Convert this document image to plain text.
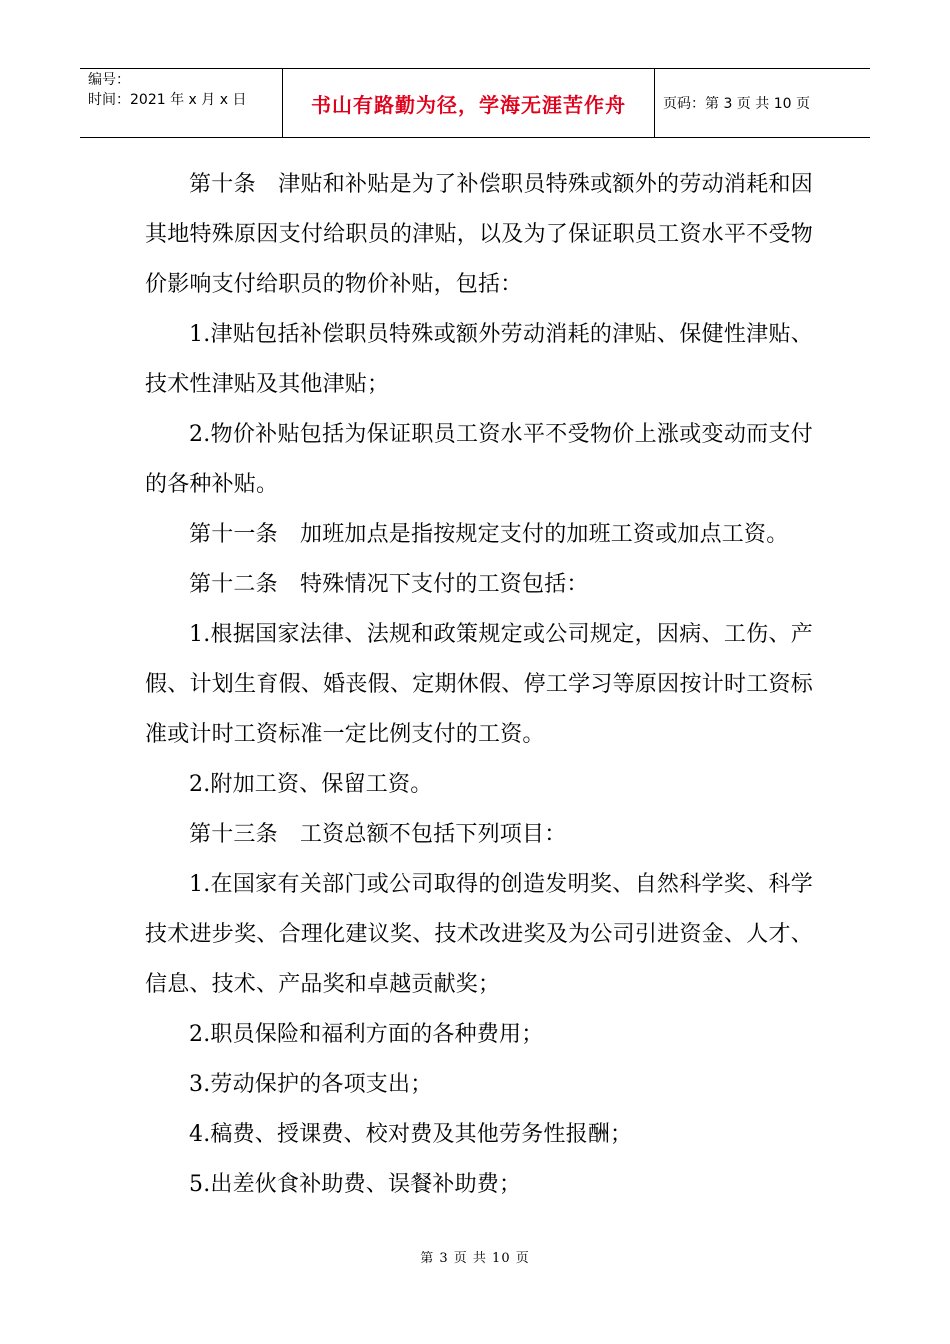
编号：
时间：2021 年 x 月 x 日	书山有路勤为径，学海无涯苦作舟	页码：第 3 页 共 10 页

第十条　津贴和补贴是为了补偿职员特殊或额外的劳动消耗和因其地特殊原因支付给职员的津贴，以及为了保证职员工资水平不受物价影响支付给职员的物价补贴，包括：

1.津贴包括补偿职员特殊或额外劳动消耗的津贴、保健性津贴、技术性津贴及其他津贴；

2.物价补贴包括为保证职员工资水平不受物价上涨或变动而支付的各种补贴。

第十一条　加班加点是指按规定支付的加班工资或加点工资。

第十二条　特殊情况下支付的工资包括：

1.根据国家法律、法规和政策规定或公司规定，因病、工伤、产假、计划生育假、婚丧假、定期休假、停工学习等原因按计时工资标准或计时工资标准一定比例支付的工资。

2.附加工资、保留工资。

第十三条　工资总额不包括下列项目：

1.在国家有关部门或公司取得的创造发明奖、自然科学奖、科学技术进步奖、合理化建议奖、技术改进奖及为公司引进资金、人才、信息、技术、产品奖和卓越贡献奖；

2.职员保险和福利方面的各种费用；

3.劳动保护的各项支出；

4.稿费、授课费、校对费及其他劳务性报酬；

5.出差伙食补助费、误餐补助费；

第 3 页 共 10 页
